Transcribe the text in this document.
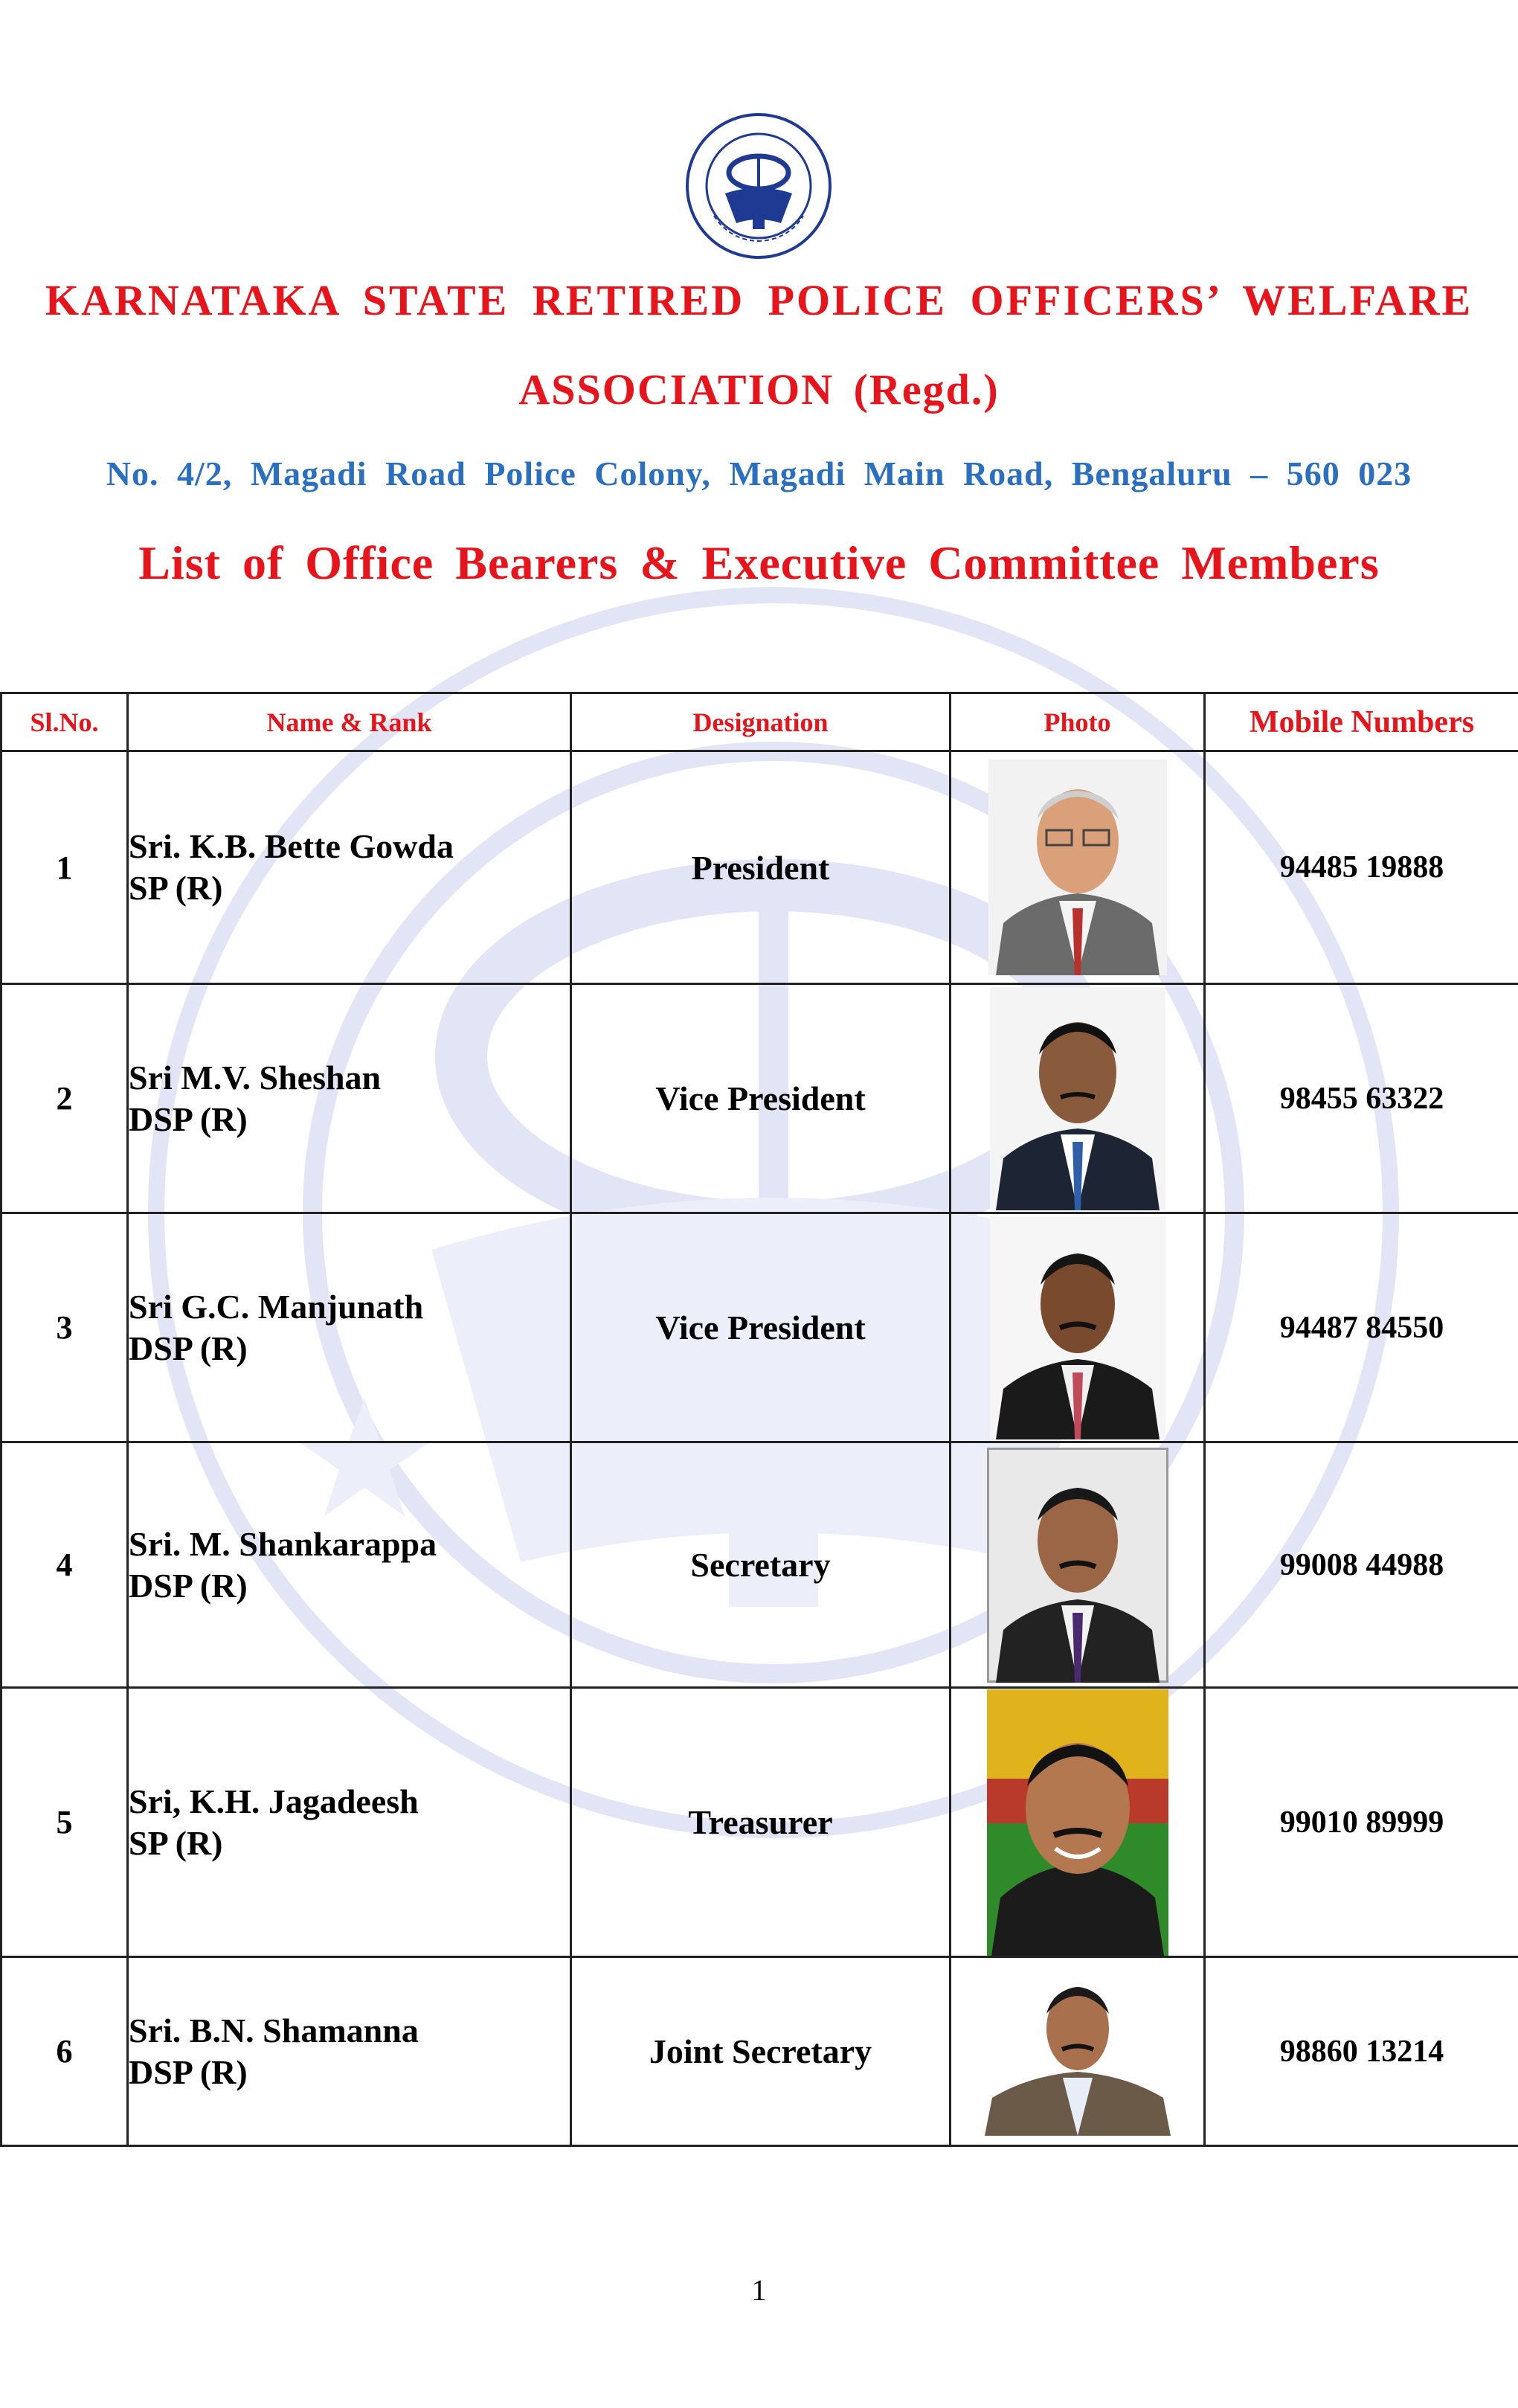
KARNATAKA STATE RETIRED POLICE OFFICERS’ WELFARE
ASSOCIATION (Regd.)
No. 4/2, Magadi Road Police Colony, Magadi Main Road, Bengaluru – 560 023
List of Office Bearers & Executive Committee Members
Sl.No.	Name & Rank	Designation	Photo	Mobile Numbers
1	Sri. K.B. Bette Gowda
SP (R)	President		94485 19888
2	Sri M.V. Sheshan
DSP (R)	Vice President		98455 63322
3	Sri G.C. Manjunath
DSP (R)	Vice President		94487 84550
4	Sri. M. Shankarappa
DSP (R)	Secretary		99008 44988
5	Sri, K.H. Jagadeesh
SP (R)	Treasurer		99010 89999
6	Sri. B.N. Shamanna
DSP (R)	Joint Secretary		98860 13214
1
